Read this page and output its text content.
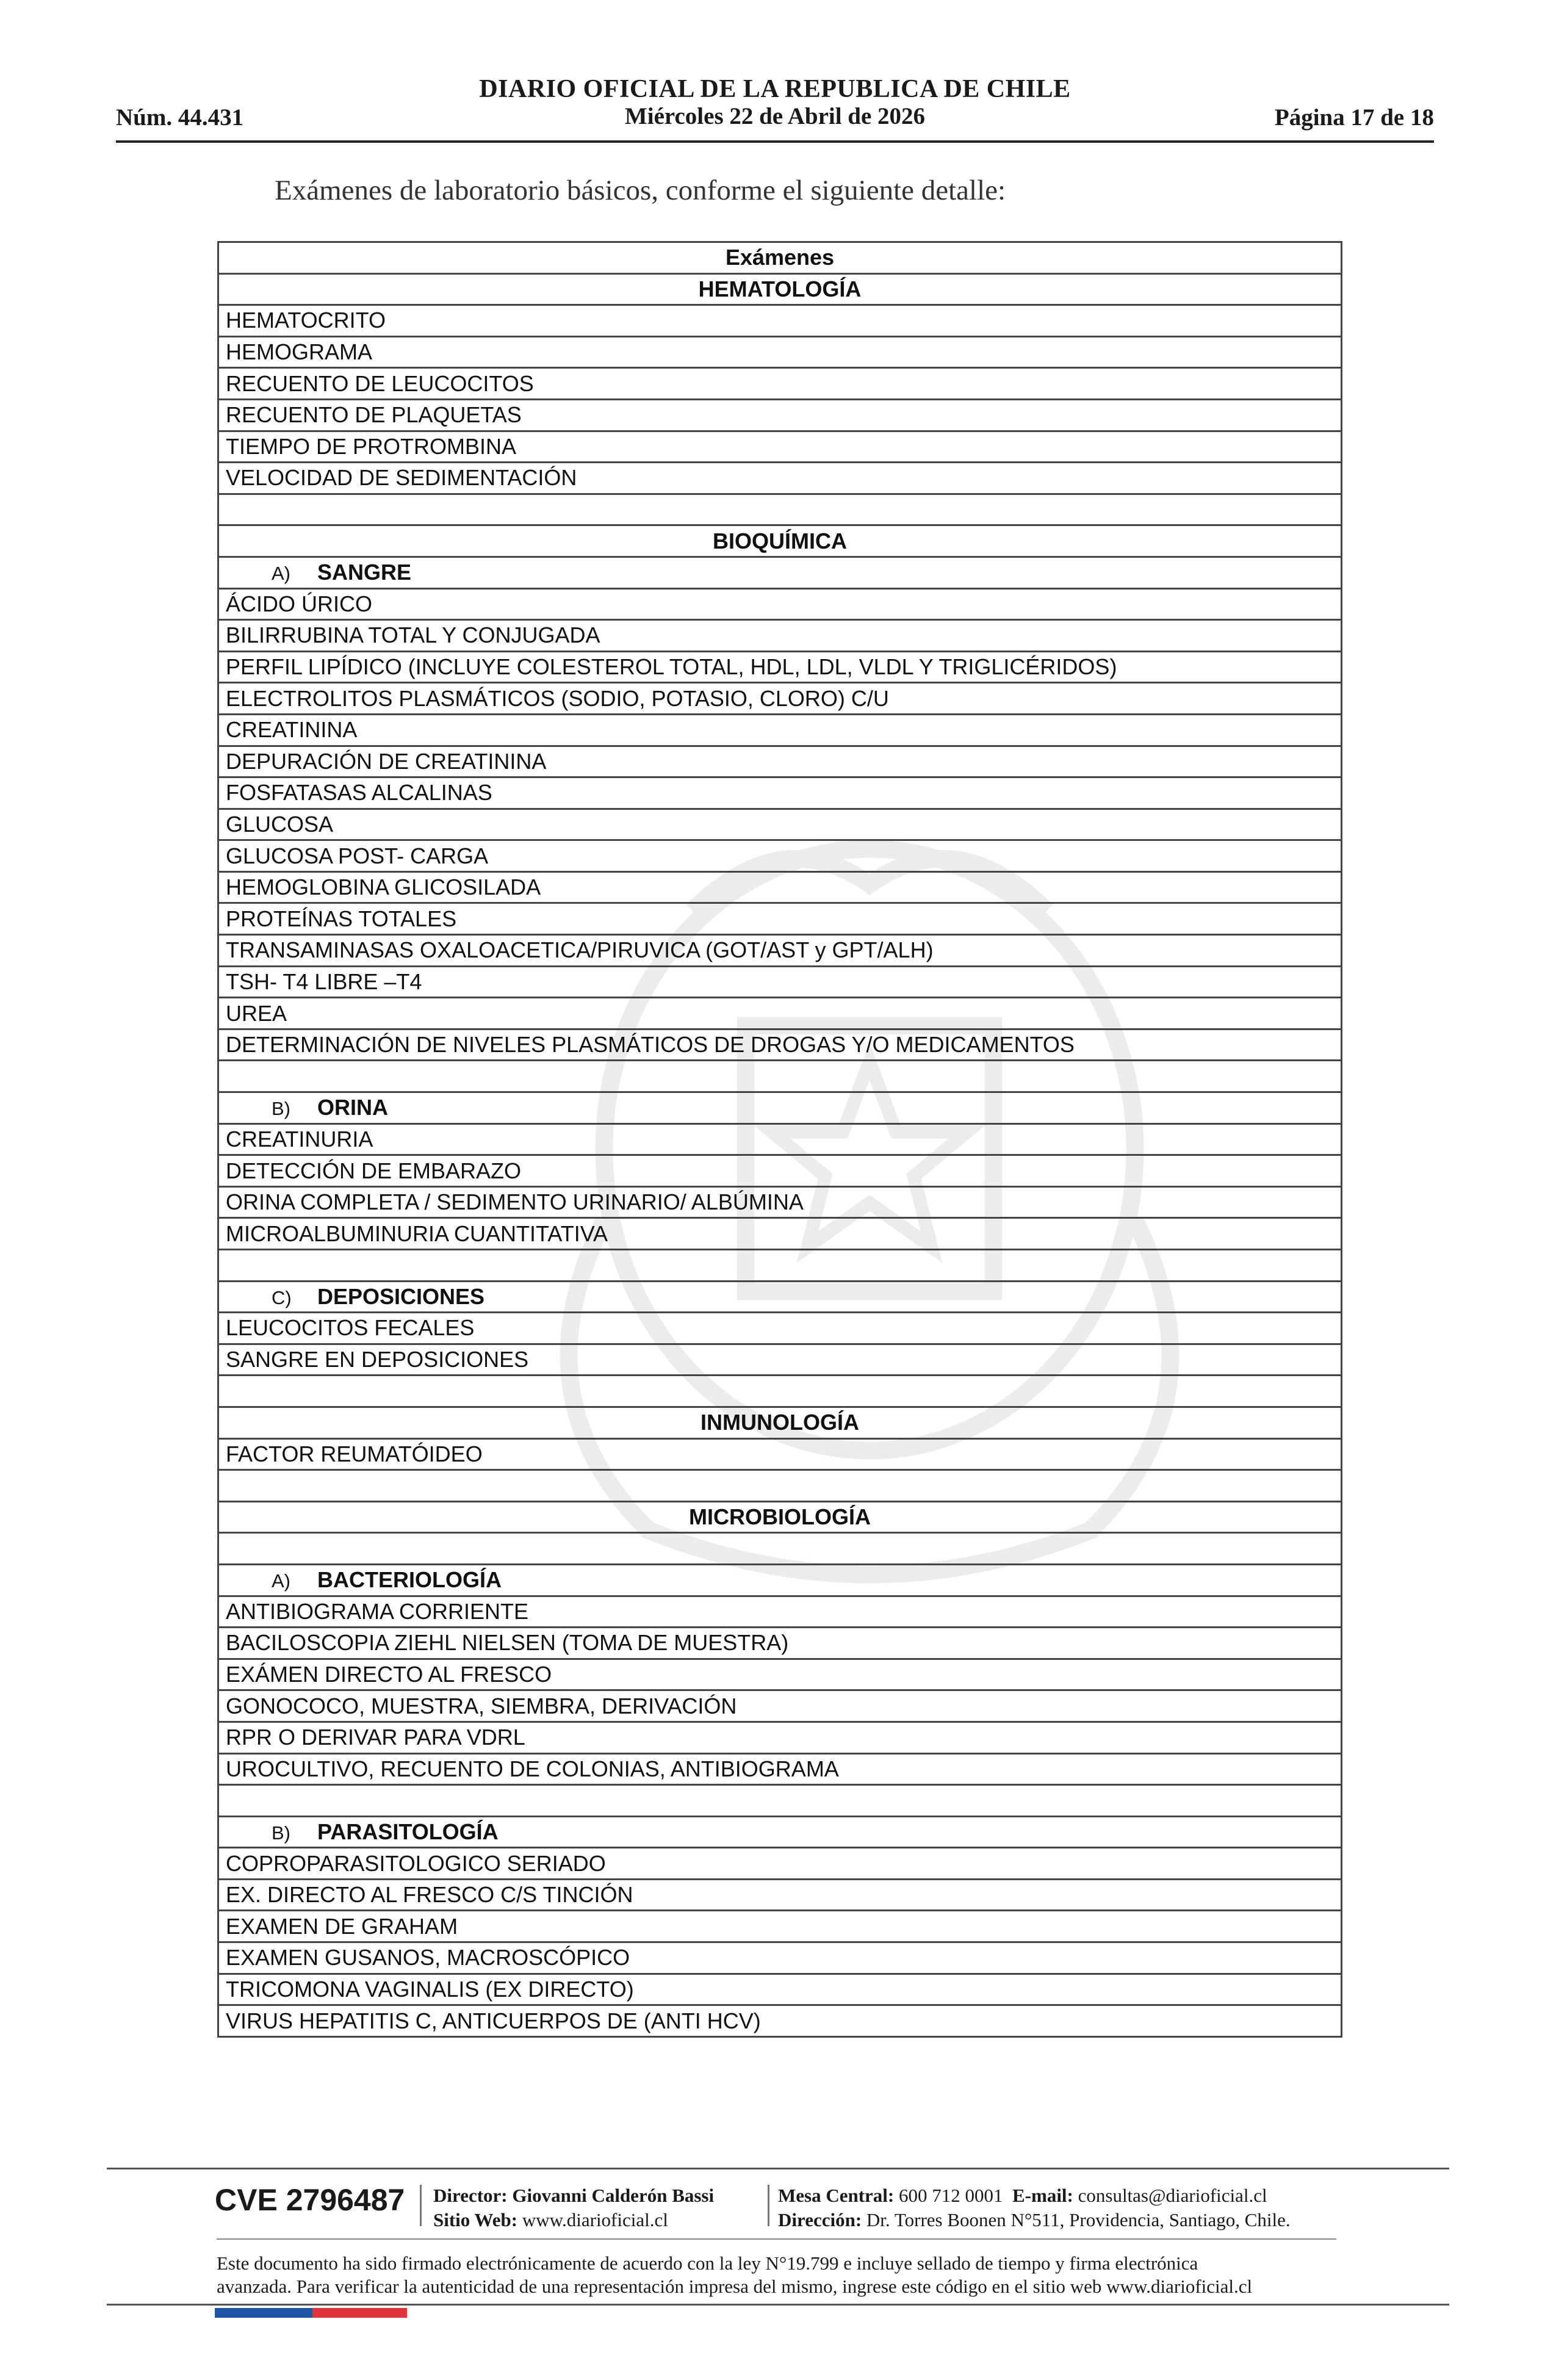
DIARIO OFICIAL DE LA REPUBLICA DE CHILE
Núm. 44.431	Miércoles 22 de Abril de 2026	Página 17 de 18
Exámenes de laboratorio básicos, conforme el siguiente detalle:
Exámenes
HEMATOLOGÍA
HEMATOCRITO
HEMOGRAMA
RECUENTO DE LEUCOCITOS
RECUENTO DE PLAQUETAS
TIEMPO DE PROTROMBINA
VELOCIDAD DE SEDIMENTACIÓN

BIOQUÍMICA
A) SANGRE
ÁCIDO ÚRICO
BILIRRUBINA TOTAL Y CONJUGADA
PERFIL LIPÍDICO (INCLUYE COLESTEROL TOTAL, HDL, LDL, VLDL Y TRIGLICÉRIDOS)
ELECTROLITOS PLASMÁTICOS (SODIO, POTASIO, CLORO) C/U
CREATININA
DEPURACIÓN DE CREATININA
FOSFATASAS ALCALINAS
GLUCOSA
GLUCOSA POST- CARGA
HEMOGLOBINA GLICOSILADA
PROTEÍNAS TOTALES
TRANSAMINASAS OXALOACETICA/PIRUVICA (GOT/AST y GPT/ALH)
TSH- T4 LIBRE –T4
UREA
DETERMINACIÓN DE NIVELES PLASMÁTICOS DE DROGAS Y/O MEDICAMENTOS

B) ORINA
CREATINURIA
DETECCIÓN DE EMBARAZO
ORINA COMPLETA / SEDIMENTO URINARIO/ ALBÚMINA
MICROALBUMINURIA CUANTITATIVA

C) DEPOSICIONES
LEUCOCITOS FECALES
SANGRE EN DEPOSICIONES

INMUNOLOGÍA
FACTOR REUMATÓIDEO

MICROBIOLOGÍA

A) BACTERIOLOGÍA
ANTIBIOGRAMA CORRIENTE
BACILOSCOPIA ZIEHL NIELSEN (TOMA DE MUESTRA)
EXÁMEN DIRECTO AL FRESCO
GONOCOCO, MUESTRA, SIEMBRA, DERIVACIÓN
RPR O DERIVAR PARA VDRL
UROCULTIVO, RECUENTO DE COLONIAS, ANTIBIOGRAMA

B) PARASITOLOGÍA
COPROPARASITOLOGICO SERIADO
EX. DIRECTO AL FRESCO C/S TINCIÓN
EXAMEN DE GRAHAM
EXAMEN GUSANOS, MACROSCÓPICO
TRICOMONA VAGINALIS (EX DIRECTO)
VIRUS HEPATITIS C, ANTICUERPOS DE (ANTI HCV)
CVE 2796487 Director: Giovanni Calderón Bassi
Sitio Web: www.diarioficial.cl
Mesa Central: 600 712 0001 E-mail: consultas@diarioficial.cl
Dirección: Dr. Torres Boonen N°511, Providencia, Santiago, Chile.
Este documento ha sido firmado electrónicamente de acuerdo con la ley N°19.799 e incluye sellado de tiempo y firma electrónica
avanzada. Para verificar la autenticidad de una representación impresa del mismo, ingrese este código en el sitio web www.diarioficial.cl
